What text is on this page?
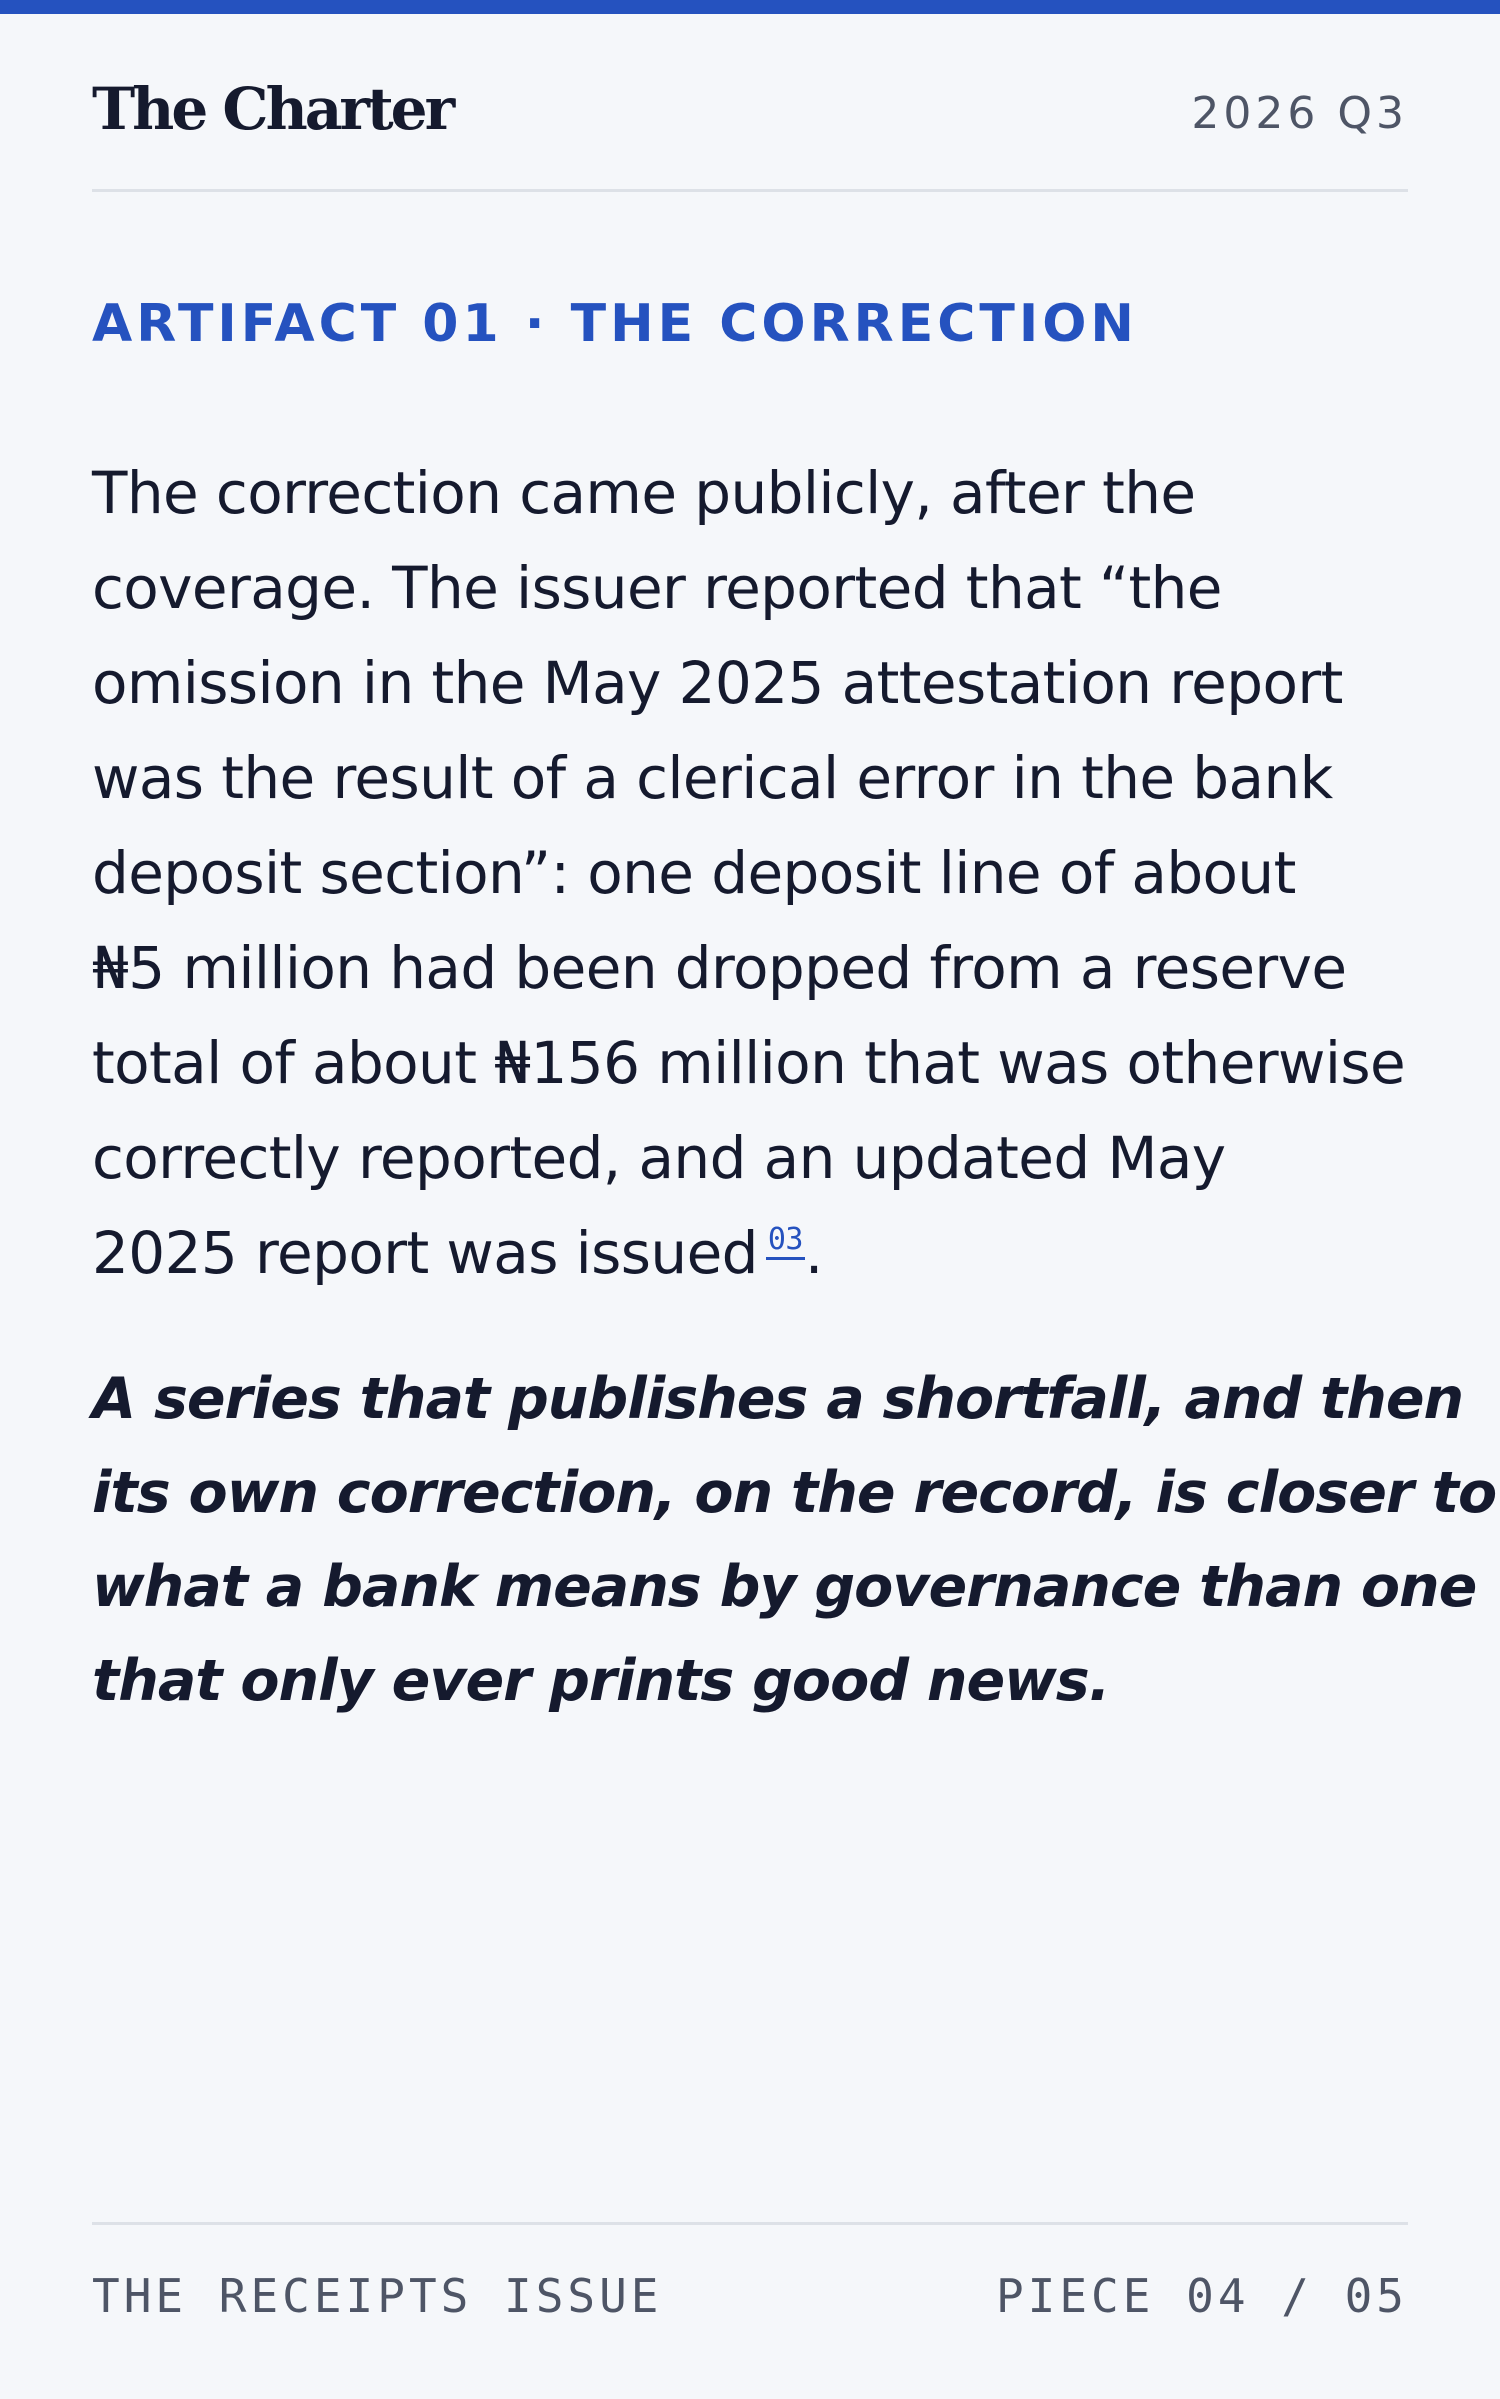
The Charter	2026 Q3
ARTIFACT 01 · THE CORRECTION

The correction came publicly, after the
coverage. The issuer reported that “the
omission in the May 2025 attestation report
was the result of a clerical error in the bank
deposit section”: one deposit line of about
₦5 million had been dropped from a reserve
total of about ₦156 million that was otherwise
correctly reported, and an updated May
2025 report was issued $^{03}$.

A series that publishes a shortfall, and then
its own correction, on the record, is closer to
what a bank means by governance than one
that only ever prints good news.
THE RECEIPTS ISSUE	PIECE 04 / 05
